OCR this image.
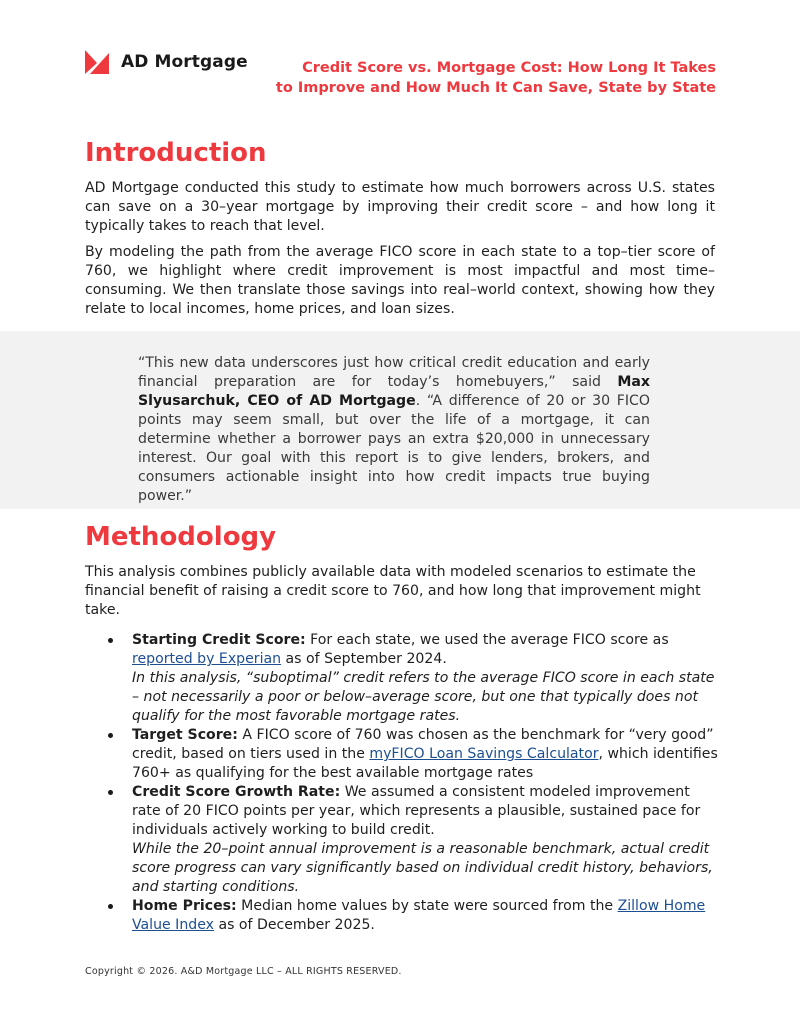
AD Mortgage	Credit Score vs. Mortgage Cost: How Long It Takes
to Improve and How Much It Can Save, State by State
Introduction

AD Mortgage conducted this study to estimate how much borrowers across U.S. states can save on a 30–year mortgage by improving their credit score – and how long it typically takes to reach that level.

By modeling the path from the average FICO score in each state to a top–tier score of 760, we highlight where credit improvement is most impactful and most time–consuming. We then translate those savings into real–world context, showing how they relate to local incomes, home prices, and loan sizes.

“This new data underscores just how critical credit education and early financial preparation are for today’s homebuyers,” said Max Slyusarchuk, CEO of AD Mortgage. “A difference of 20 or 30 FICO points may seem small, but over the life of a mortgage, it can determine whether a borrower pays an extra $20,000 in unnecessary interest. Our goal with this report is to give lenders, brokers, and consumers actionable insight into how credit impacts true buying power.”

Methodology

This analysis combines publicly available data with modeled scenarios to estimate the financial benefit of raising a credit score to 760, and how long that improvement might take.

Starting Credit Score: For each state, we used the average FICO score as reported by Experian as of September 2024.
In this analysis, “suboptimal” credit refers to the average FICO score in each state – not necessarily a poor or below–average score, but one that typically does not qualify for the most favorable mortgage rates.
Target Score: A FICO score of 760 was chosen as the benchmark for “very good” credit, based on tiers used in the myFICO Loan Savings Calculator, which identifies 760+ as qualifying for the best available mortgage rates
Credit Score Growth Rate: We assumed a consistent modeled improvement rate of 20 FICO points per year, which represents a plausible, sustained pace for individuals actively working to build credit.
While the 20–point annual improvement is a reasonable benchmark, actual credit score progress can vary significantly based on individual credit history, behaviors, and starting conditions.
Home Prices: Median home values by state were sourced from the Zillow Home Value Index as of December 2025.
Copyright © 2026. A&D Mortgage LLC – ALL RIGHTS RESERVED.
